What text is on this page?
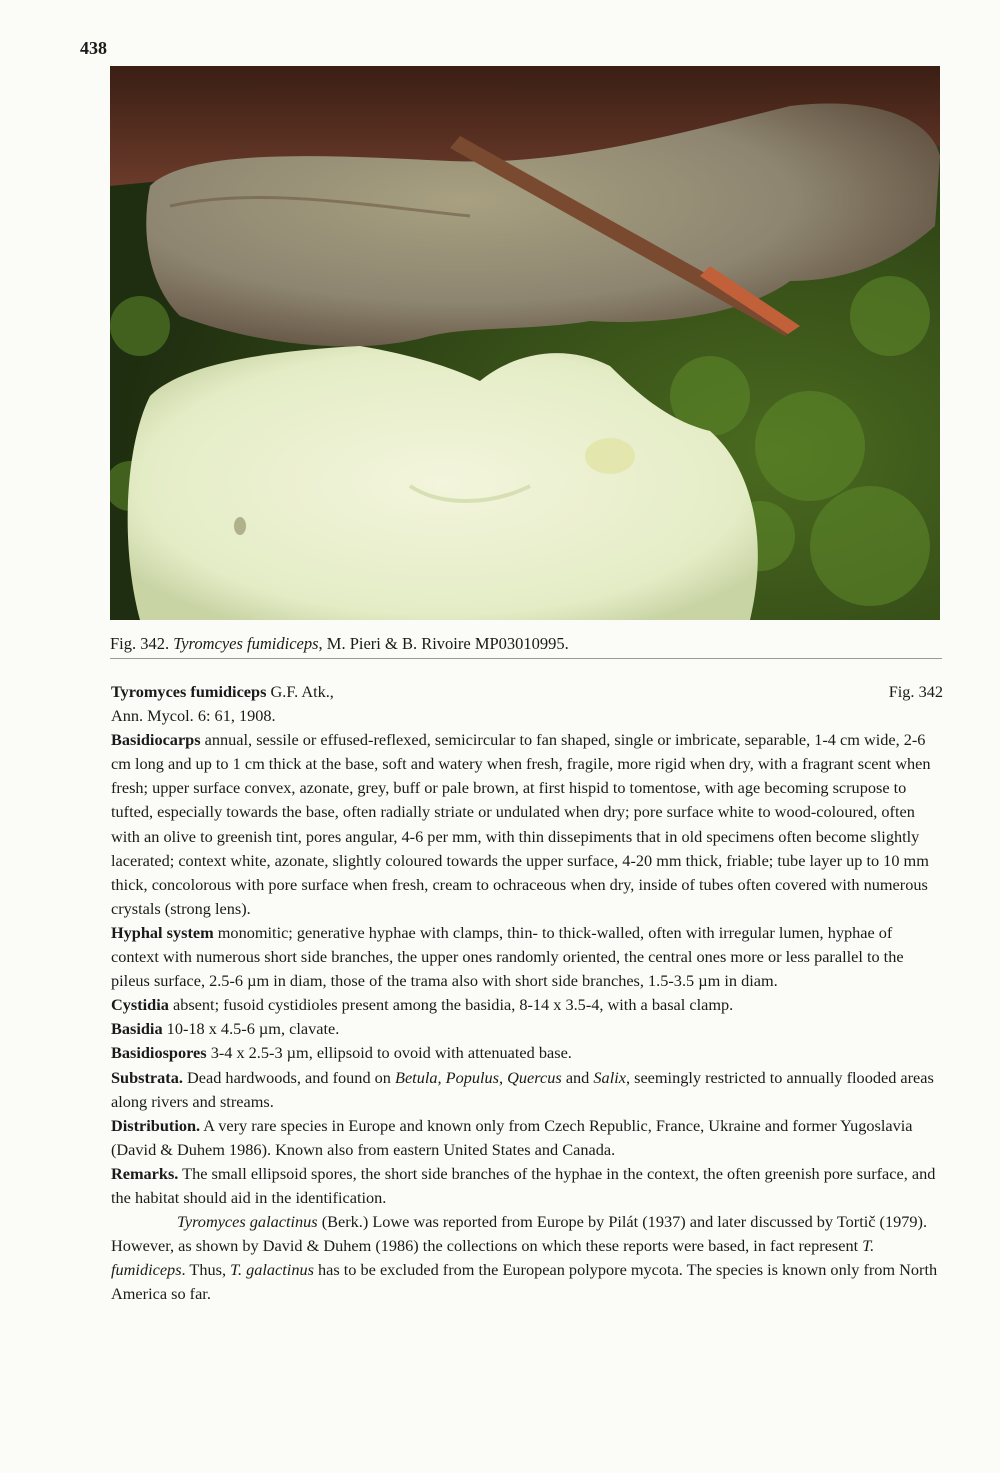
438
Fig. 342. Tyromcyes fumidiceps, M. Pieri & B. Rivoire MP03010995.
Tyromyces fumidiceps G.F. Atk.,	Fig. 342

Ann. Mycol. 6: 61, 1908.

Basidiocarps annual, sessile or effused-reflexed, semicircular to fan shaped, single or imbricate, separable, 1-4 cm wide, 2-6 cm long and up to 1 cm thick at the base, soft and watery when fresh, fragile, more rigid when dry, with a fragrant scent when fresh; upper surface convex, azonate, grey, buff or pale brown, at first hispid to tomentose, with age becoming scrupose to tufted, especially towards the base, often radially striate or undulated when dry; pore surface white to wood-coloured, often with an olive to greenish tint, pores angular, 4-6 per mm, with thin dissepiments that in old specimens often become slightly lacerated; context white, azonate, slightly coloured towards the upper surface, 4-20 mm thick, friable; tube layer up to 10 mm thick, concolorous with pore surface when fresh, cream to ochraceous when dry, inside of tubes often covered with numerous crystals (strong lens).

Hyphal system monomitic; generative hyphae with clamps, thin- to thick-walled, often with irregular lumen, hyphae of context with numerous short side branches, the upper ones randomly oriented, the central ones more or less parallel to the pileus surface, 2.5-6 µm in diam, those of the trama also with short side branches, 1.5-3.5 µm in diam.

Cystidia absent; fusoid cystidioles present among the basidia, 8-14 x 3.5-4, with a basal clamp.

Basidia 10-18 x 4.5-6 µm, clavate.

Basidiospores 3-4 x 2.5-3 µm, ellipsoid to ovoid with attenuated base.

Substrata. Dead hardwoods, and found on Betula, Populus, Quercus and Salix, seemingly restricted to annually flooded areas along rivers and streams.

Distribution. A very rare species in Europe and known only from Czech Republic, France, Ukraine and former Yugoslavia (David & Duhem 1986). Known also from eastern United States and Canada.

Remarks. The small ellipsoid spores, the short side branches of the hyphae in the context, the often greenish pore surface, and the habitat should aid in the identification.

Tyromyces galactinus (Berk.) Lowe was reported from Europe by Pilát (1937) and later discussed by Tortič (1979). However, as shown by David & Duhem (1986) the collections on which these reports were based, in fact represent T. fumidiceps. Thus, T. galactinus has to be excluded from the European polypore mycota. The species is known only from North America so far.
